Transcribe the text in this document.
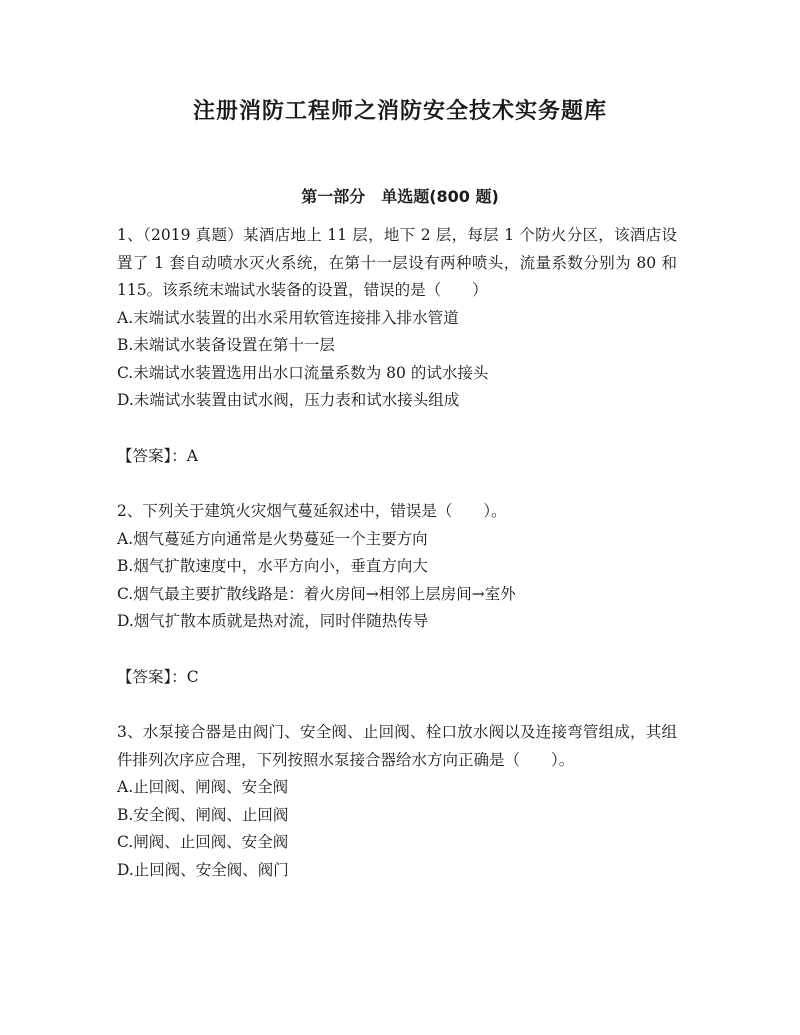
注册消防工程师之消防安全技术实务题库
第一部分　单选题(800 题)

1、（2019 真题）某酒店地上 11 层，地下 2 层，每层 1 个防火分区，该酒店设置了 1 套自动喷水灭火系统，在第十一层设有两种喷头，流量系数分别为 80 和 115。该系统末端试水装备的设置，错误的是（　　）

A.末端试水装置的出水采用软管连接排入排水管道

B.未端试水装备设置在第十一层

C.未端试水装置选用出水口流量系数为 80 的试水接头

D.未端试水装置由试水阀，压力表和试水接头组成

【答案】：A

2、下列关于建筑火灾烟气蔓延叙述中，错误是（　　）。

A.烟气蔓延方向通常是火势蔓延一个主要方向

B.烟气扩散速度中，水平方向小，垂直方向大

C.烟气最主要扩散线路是：着火房间→相邻上层房间→室外

D.烟气扩散本质就是热对流，同时伴随热传导

【答案】：C

3、水泵接合器是由阀门、安全阀、止回阀、栓口放水阀以及连接弯管组成，其组件排列次序应合理，下列按照水泵接合器给水方向正确是（　　）。

A.止回阀、闸阀、安全阀

B.安全阀、闸阀、止回阀

C.闸阀、止回阀、安全阀

D.止回阀、安全阀、阀门
